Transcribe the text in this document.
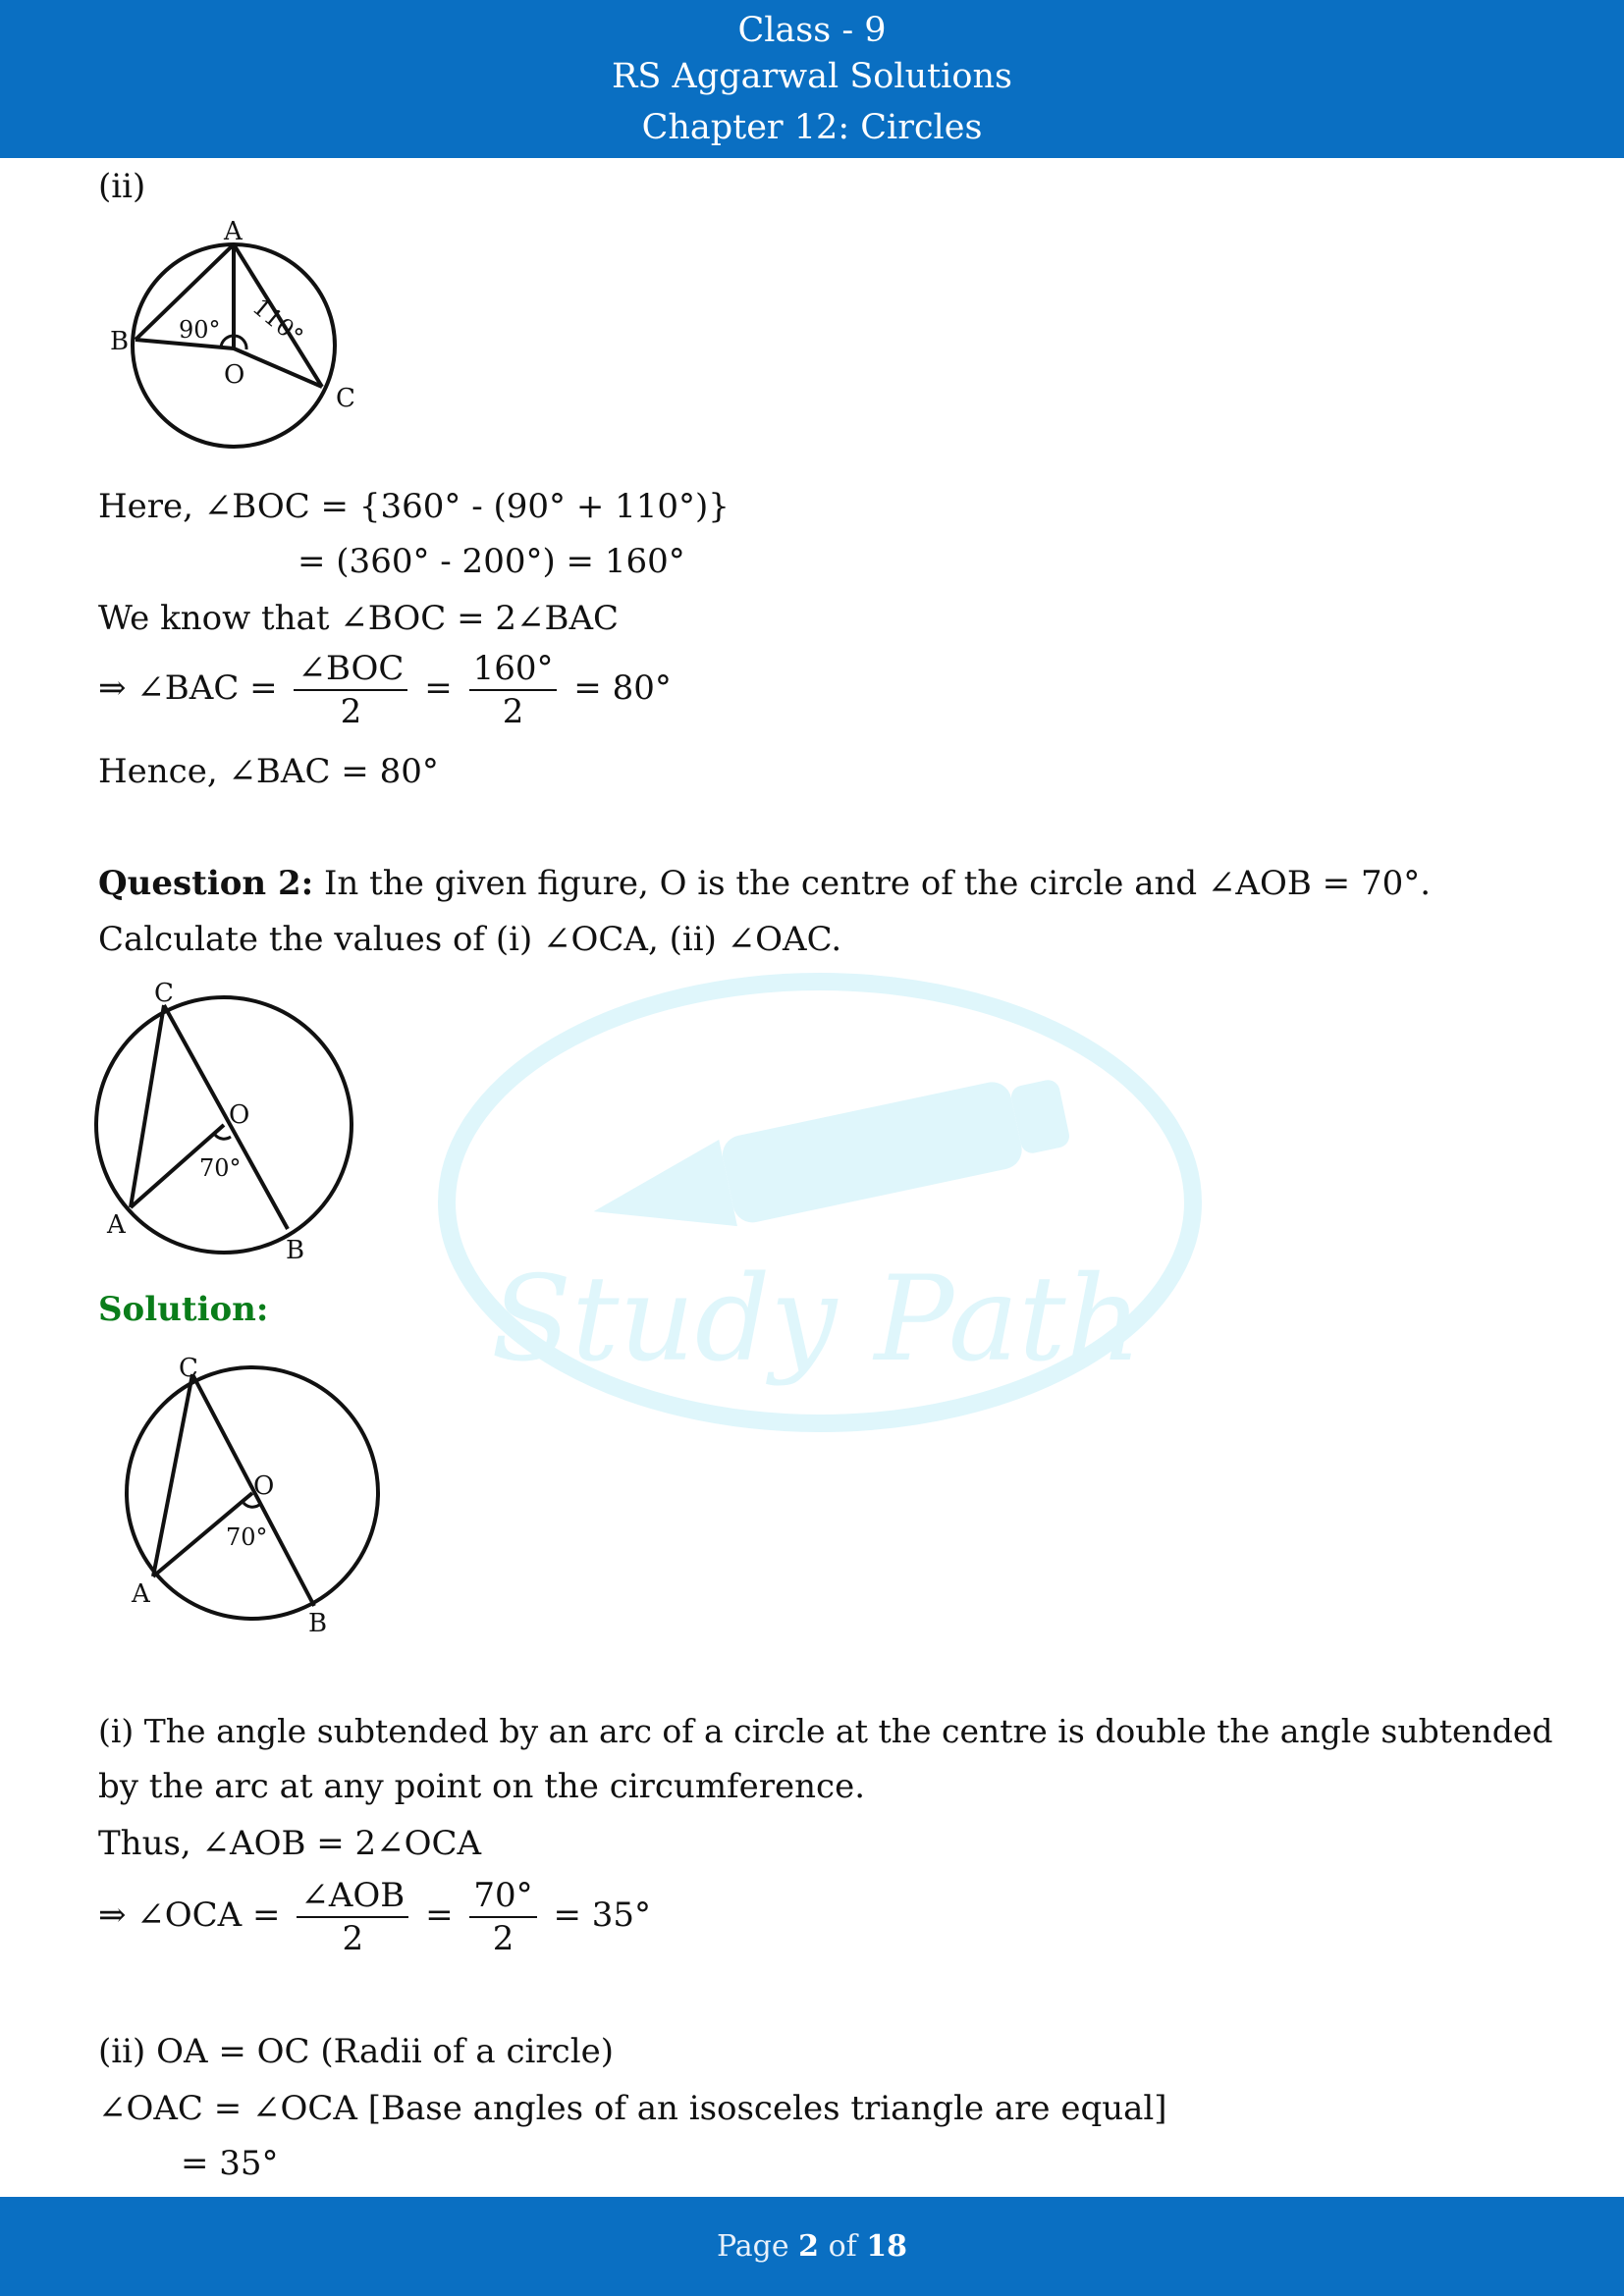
Class - 9
RS Aggarwal Solutions
Chapter 12: Circles
Study Path
(ii)
A
B
C
O
90° 110°
Here, ∠BOC = {360° - (90° + 110°)}
= (360° - 200°) = 160°
We know that ∠BOC = 2∠BAC
⇒ ∠BAC = $\frac{\text{∠BOC}}{2} = \frac{160^\circ}{2} = 80^\circ$
Hence, ∠BAC = 80°
Question 2: In the given figure, O is the centre of the circle and ∠AOB = 70°.
Calculate the values of (i) ∠OCA, (ii) ∠OAC.
C
O
A
B
70°
Solution:
C
O
A
B
70°
(i) The angle subtended by an arc of a circle at the centre is double the angle subtended
by the arc at any point on the circumference.
Thus, ∠AOB = 2∠OCA
⇒ ∠OCA = $\frac{\text{∠AOB}}{2} = \frac{70^\circ}{2} = 35^\circ$
(ii) OA = OC (Radii of a circle)
∠OAC = ∠OCA [Base angles of an isosceles triangle are equal]
= 35°
Page 2 of 18
